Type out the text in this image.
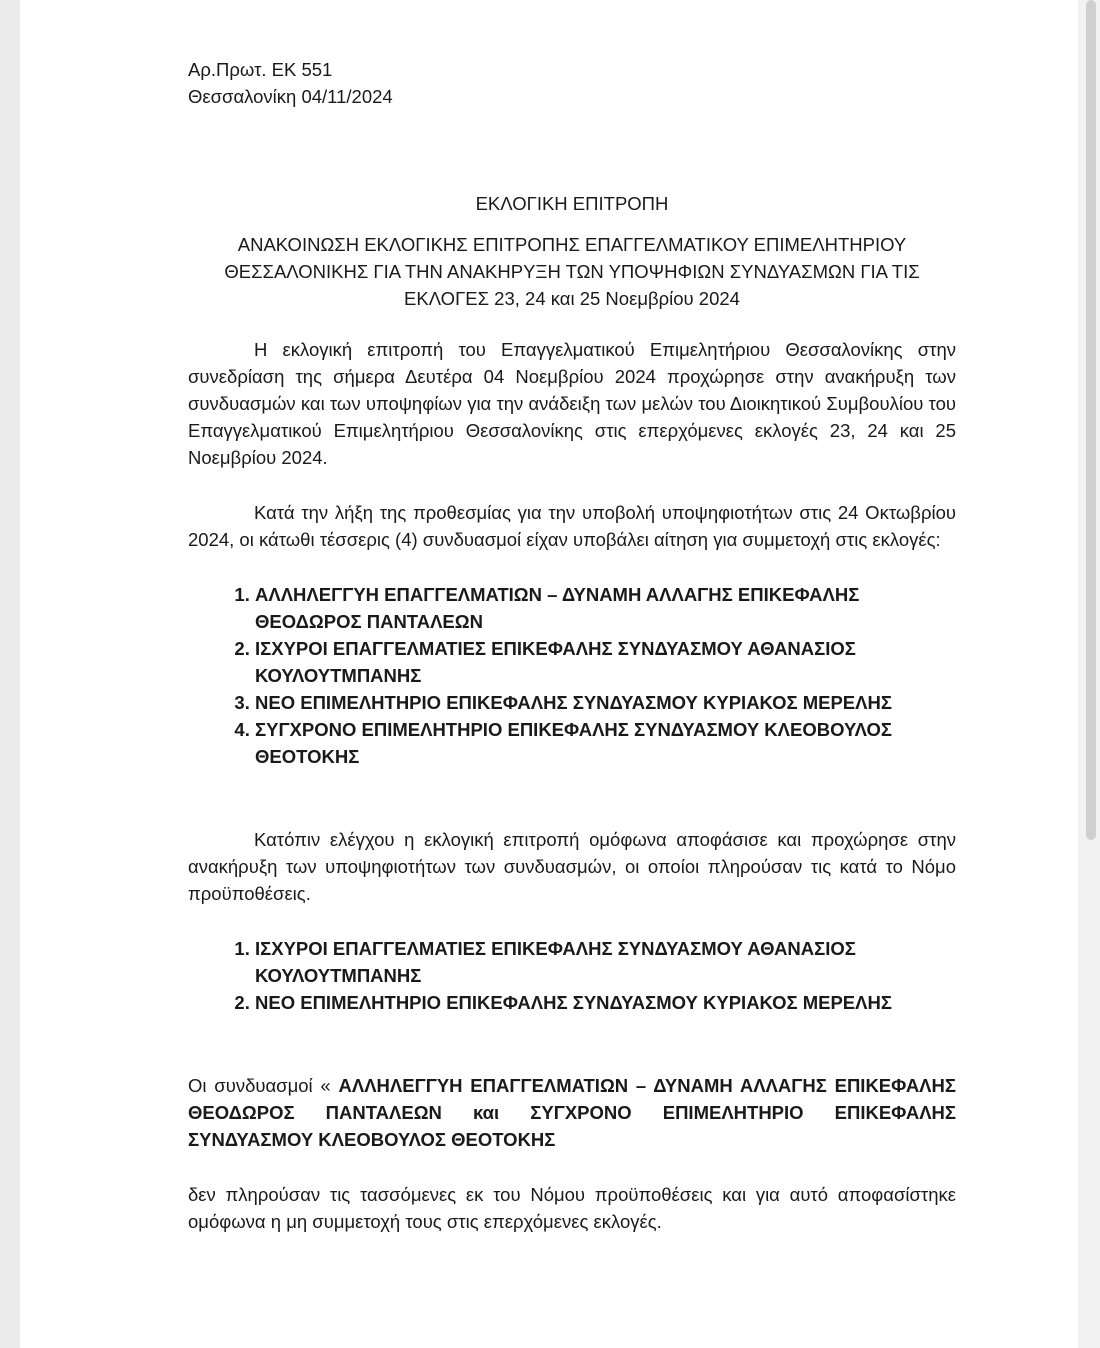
Αρ.Πρωτ. ΕΚ 551

Θεσσαλονίκη 04/11/2024

ΕΚΛΟΓΙΚΗ ΕΠΙΤΡΟΠΗ

ΑΝΑΚΟΙΝΩΣΗ ΕΚΛΟΓΙΚΗΣ ΕΠΙΤΡΟΠΗΣ ΕΠΑΓΓΕΛΜΑΤΙΚΟΥ ΕΠΙΜΕΛΗΤΗΡΙΟΥ ΘΕΣΣΑΛΟΝΙΚΗΣ ΓΙΑ ΤΗΝ ΑΝΑΚΗΡΥΞΗ ΤΩΝ ΥΠΟΨΗΦΙΩΝ ΣΥΝΔΥΑΣΜΩΝ ΓΙΑ ΤΙΣ ΕΚΛΟΓΕΣ 23, 24 και 25 Νοεμβρίου 2024

Η εκλογική επιτροπή του Επαγγελματικού Επιμελητήριου Θεσσαλονίκης στην συνεδρίαση της σήμερα Δευτέρα 04 Νοεμβρίου 2024 προχώρησε στην ανακήρυξη των συνδυασμών και των υποψηφίων για την ανάδειξη των μελών του Διοικητικού Συμβουλίου του Επαγγελματικού Επιμελητήριου Θεσσαλονίκης στις επερχόμενες εκλογές 23, 24 και 25 Νοεμβρίου 2024.

Κατά την λήξη της προθεσμίας για την υποβολή υποψηφιοτήτων στις 24 Οκτωβρίου 2024, οι κάτωθι τέσσερις (4) συνδυασμοί είχαν υποβάλει αίτηση για συμμετοχή στις εκλογές:

1. ΑΛΛΗΛΕΓΓΥΗ ΕΠΑΓΓΕΛΜΑΤΙΩΝ – ΔΥΝΑΜΗ ΑΛΛΑΓΗΣ ΕΠΙΚΕΦΑΛΗΣ ΘΕΟΔΩΡΟΣ ΠΑΝΤΑΛΕΩΝ
2. ΙΣΧΥΡΟΙ ΕΠΑΓΓΕΛΜΑΤΙΕΣ ΕΠΙΚΕΦΑΛΗΣ ΣΥΝΔΥΑΣΜΟΥ ΑΘΑΝΑΣΙΟΣ ΚΟΥΛΟΥΤΜΠΑΝΗΣ
3. ΝΕΟ ΕΠΙΜΕΛΗΤΗΡΙΟ ΕΠΙΚΕΦΑΛΗΣ ΣΥΝΔΥΑΣΜΟΥ ΚΥΡΙΑΚΟΣ ΜΕΡΕΛΗΣ
4. ΣΥΓΧΡΟΝΟ ΕΠΙΜΕΛΗΤΗΡΙΟ ΕΠΙΚΕΦΑΛΗΣ ΣΥΝΔΥΑΣΜΟΥ ΚΛΕΟΒΟΥΛΟΣ ΘΕΟΤΟΚΗΣ

Κατόπιν ελέγχου η εκλογική επιτροπή ομόφωνα αποφάσισε και προχώρησε στην ανακήρυξη των υποψηφιοτήτων των συνδυασμών, οι οποίοι πληρούσαν τις κατά το Νόμο προϋποθέσεις.

1. ΙΣΧΥΡΟΙ ΕΠΑΓΓΕΛΜΑΤΙΕΣ ΕΠΙΚΕΦΑΛΗΣ ΣΥΝΔΥΑΣΜΟΥ ΑΘΑΝΑΣΙΟΣ ΚΟΥΛΟΥΤΜΠΑΝΗΣ
2. ΝΕΟ ΕΠΙΜΕΛΗΤΗΡΙΟ ΕΠΙΚΕΦΑΛΗΣ ΣΥΝΔΥΑΣΜΟΥ ΚΥΡΙΑΚΟΣ ΜΕΡΕΛΗΣ

Οι συνδυασμοί « ΑΛΛΗΛΕΓΓΥΗ ΕΠΑΓΓΕΛΜΑΤΙΩΝ – ΔΥΝΑΜΗ ΑΛΛΑΓΗΣ ΕΠΙΚΕΦΑΛΗΣ ΘΕΟΔΩΡΟΣ ΠΑΝΤΑΛΕΩΝ και ΣΥΓΧΡΟΝΟ ΕΠΙΜΕΛΗΤΗΡΙΟ ΕΠΙΚΕΦΑΛΗΣ ΣΥΝΔΥΑΣΜΟΥ ΚΛΕΟΒΟΥΛΟΣ ΘΕΟΤΟΚΗΣ

δεν πληρούσαν τις τασσόμενες εκ του Νόμου προϋποθέσεις και για αυτό αποφασίστηκε ομόφωνα η μη συμμετοχή τους στις επερχόμενες εκλογές.
